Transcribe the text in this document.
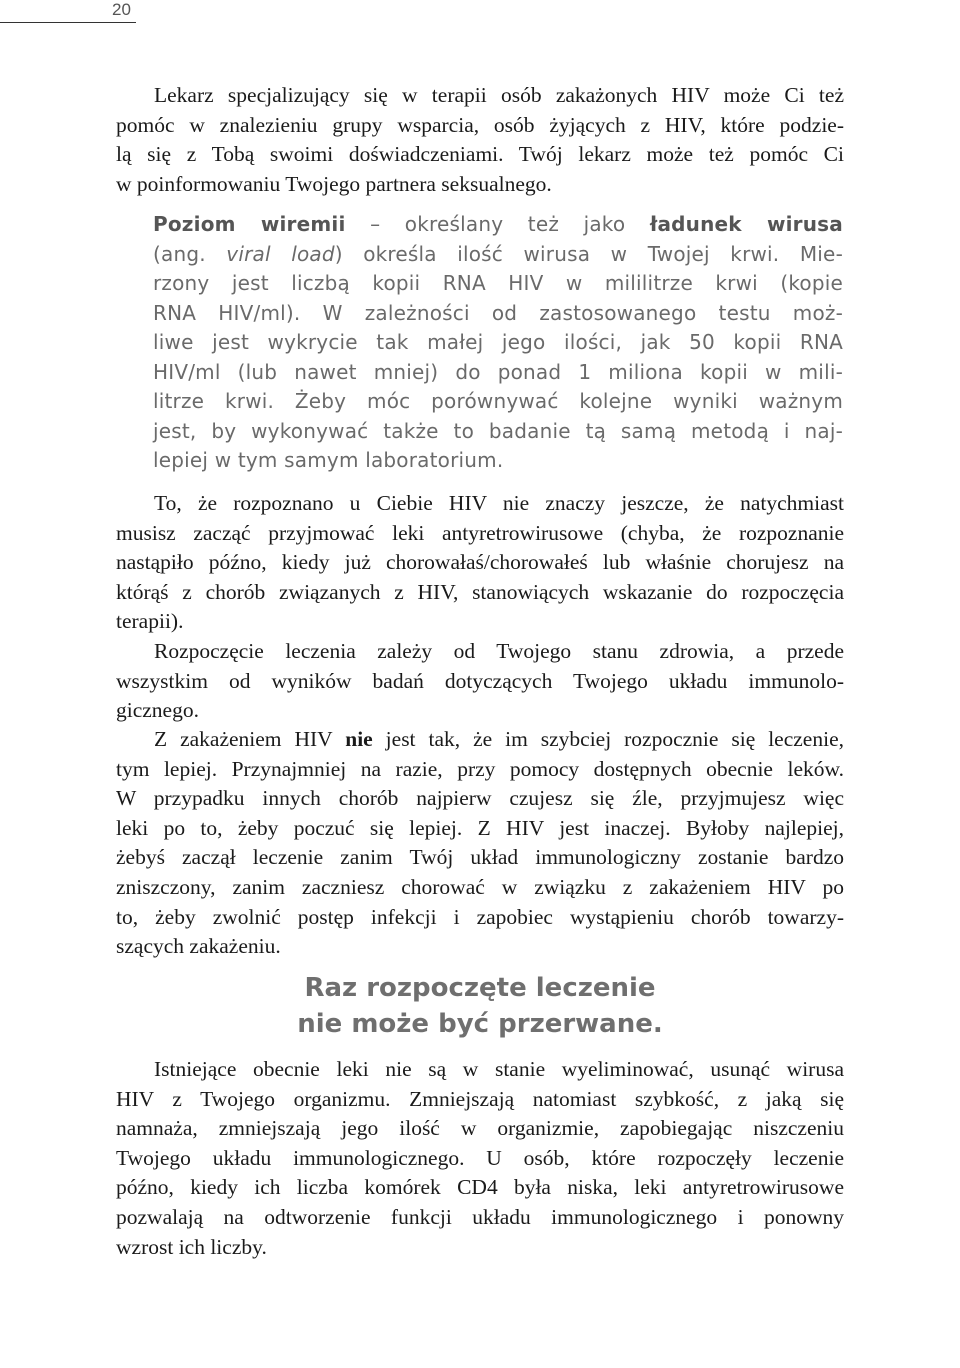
20
Lekarz specjalizujący się w terapii osób zakażonych HIV może Ci też
pomóc w znalezieniu grupy wsparcia, osób żyjących z HIV, które podzie-
lą się z Tobą swoimi doświadczeniami. Twój lekarz może też pomóc Ci
w poinformowaniu Twojego partnera seksualnego.
Poziom wiremii – określany też jako ładunek wirusa
(ang. viral load) określa ilość wirusa w Twojej krwi. Mie-
rzony jest liczbą kopii RNA HIV w mililitrze krwi (kopie
RNA HIV/ml). W zależności od zastosowanego testu moż-
liwe jest wykrycie tak małej jego ilości, jak 50 kopii RNA
HIV/ml (lub nawet mniej) do ponad 1 miliona kopii w mili-
litrze krwi. Żeby móc porównywać kolejne wyniki ważnym
jest, by wykonywać także to badanie tą samą metodą i naj-
lepiej w tym samym laboratorium.
To, że rozpoznano u Ciebie HIV nie znaczy jeszcze, że natychmiast
musisz zacząć przyjmować leki antyretrowirusowe (chyba, że rozpoznanie
nastąpiło późno, kiedy już chorowałaś/chorowałeś lub właśnie chorujesz na
którąś z chorób związanych z HIV, stanowiących wskazanie do rozpoczęcia
terapii).
Rozpoczęcie leczenia zależy od Twojego stanu zdrowia, a przede
wszystkim od wyników badań dotyczących Twojego układu immunolo-
gicznego.
Z zakażeniem HIV nie jest tak, że im szybciej rozpocznie się leczenie,
tym lepiej. Przynajmniej na razie, przy pomocy dostępnych obecnie leków.
W przypadku innych chorób najpierw czujesz się źle, przyjmujesz więc
leki po to, żeby poczuć się lepiej. Z HIV jest inaczej. Byłoby najlepiej,
żebyś zaczął leczenie zanim Twój układ immunologiczny zostanie bardzo
zniszczony, zanim zaczniesz chorować w związku z zakażeniem HIV po
to, żeby zwolnić postęp infekcji i zapobiec wystąpieniu chorób towarzy-
szących zakażeniu.
Raz rozpoczęte leczenie
nie może być przerwane.
Istniejące obecnie leki nie są w stanie wyeliminować, usunąć wirusa
HIV z Twojego organizmu. Zmniejszają natomiast szybkość, z jaką się
namnaża, zmniejszają jego ilość w organizmie, zapobiegając niszczeniu
Twojego układu immunologicznego. U osób, które rozpoczęły leczenie
późno, kiedy ich liczba komórek CD4 była niska, leki antyretrowirusowe
pozwalają na odtworzenie funkcji układu immunologicznego i ponowny
wzrost ich liczby.
